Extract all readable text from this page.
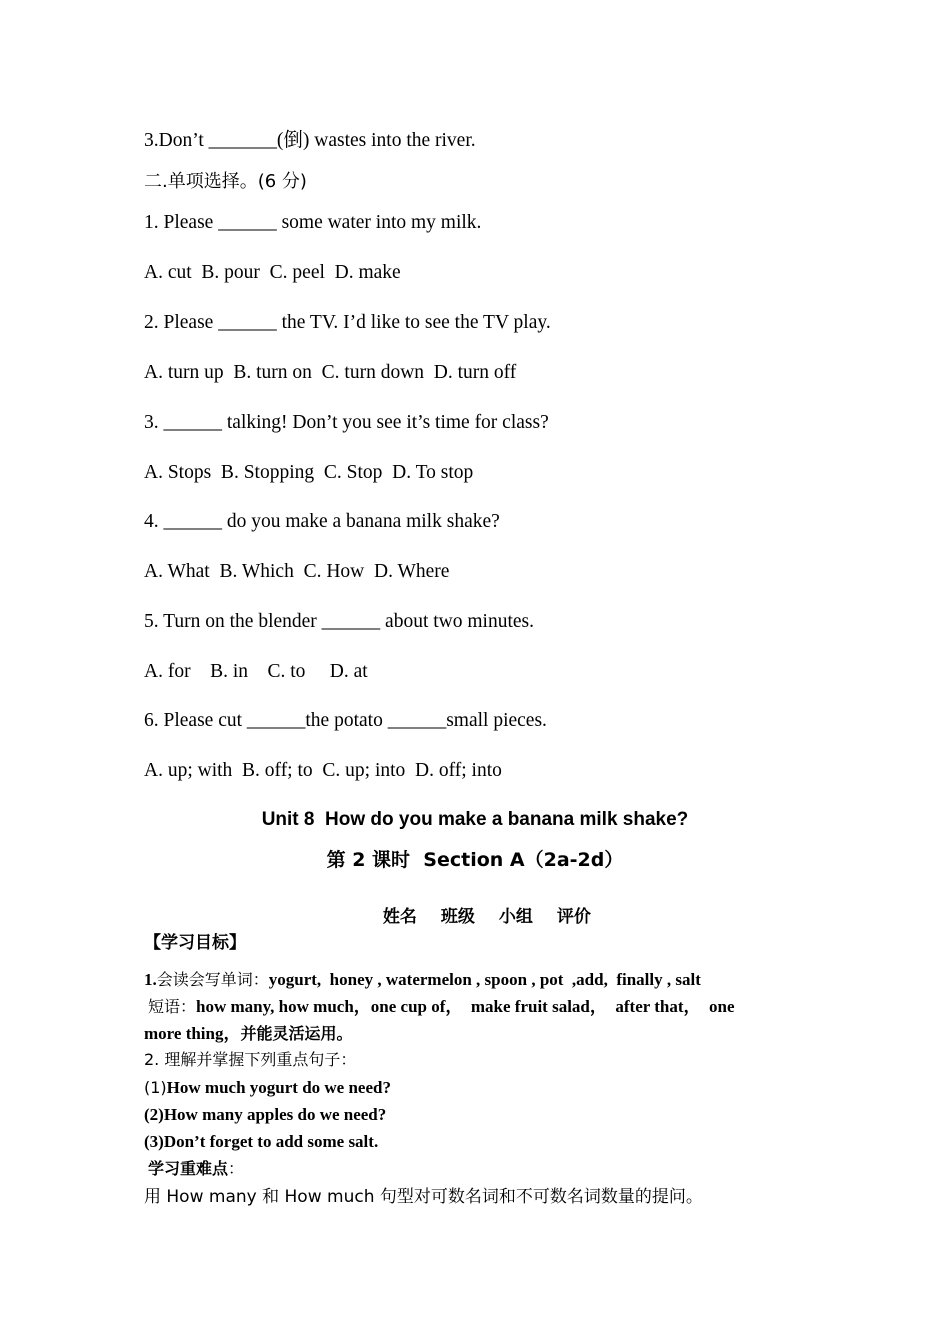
3.Don’t _______(倒) wastes into the river.

二.单项选择。(6 分)

1. Please ______ some water into my milk.

A. cut  B. pour  C. peel  D. make

2. Please ______ the TV. I’d like to see the TV play.

A. turn up  B. turn on  C. turn down  D. turn off

3. ______ talking! Don’t you see it’s time for class?

A. Stops  B. Stopping  C. Stop  D. To stop

4. ______ do you make a banana milk shake?

A. What  B. Which  C. How  D. Where

5. Turn on the blender ______ about two minutes.

A. for    B. in    C. to     D. at

6. Please cut ______the potato ______small pieces.

A. up; with  B. off; to  C. up; into  D. off; into

Unit 8  How do you make a banana milk shake?

第 2 课时  Section A（2a-2d）

姓名 班级 小组 评价

【学习目标】

1.会读会写单词：yogurt,  honey , watermelon , spoon , pot  ,add,  finally , salt

短语：how many, how much，one cup of，  make fruit salad，  after that，  one

more thing，并能灵活运用。

2. 理解并掌握下列重点句子：

(1)How much yogurt do we need?

(2)How many apples do we need?

(3)Don’t forget to add some salt.

学习重难点：

用 How many 和 How much 句型对可数名词和不可数名词数量的提问。
